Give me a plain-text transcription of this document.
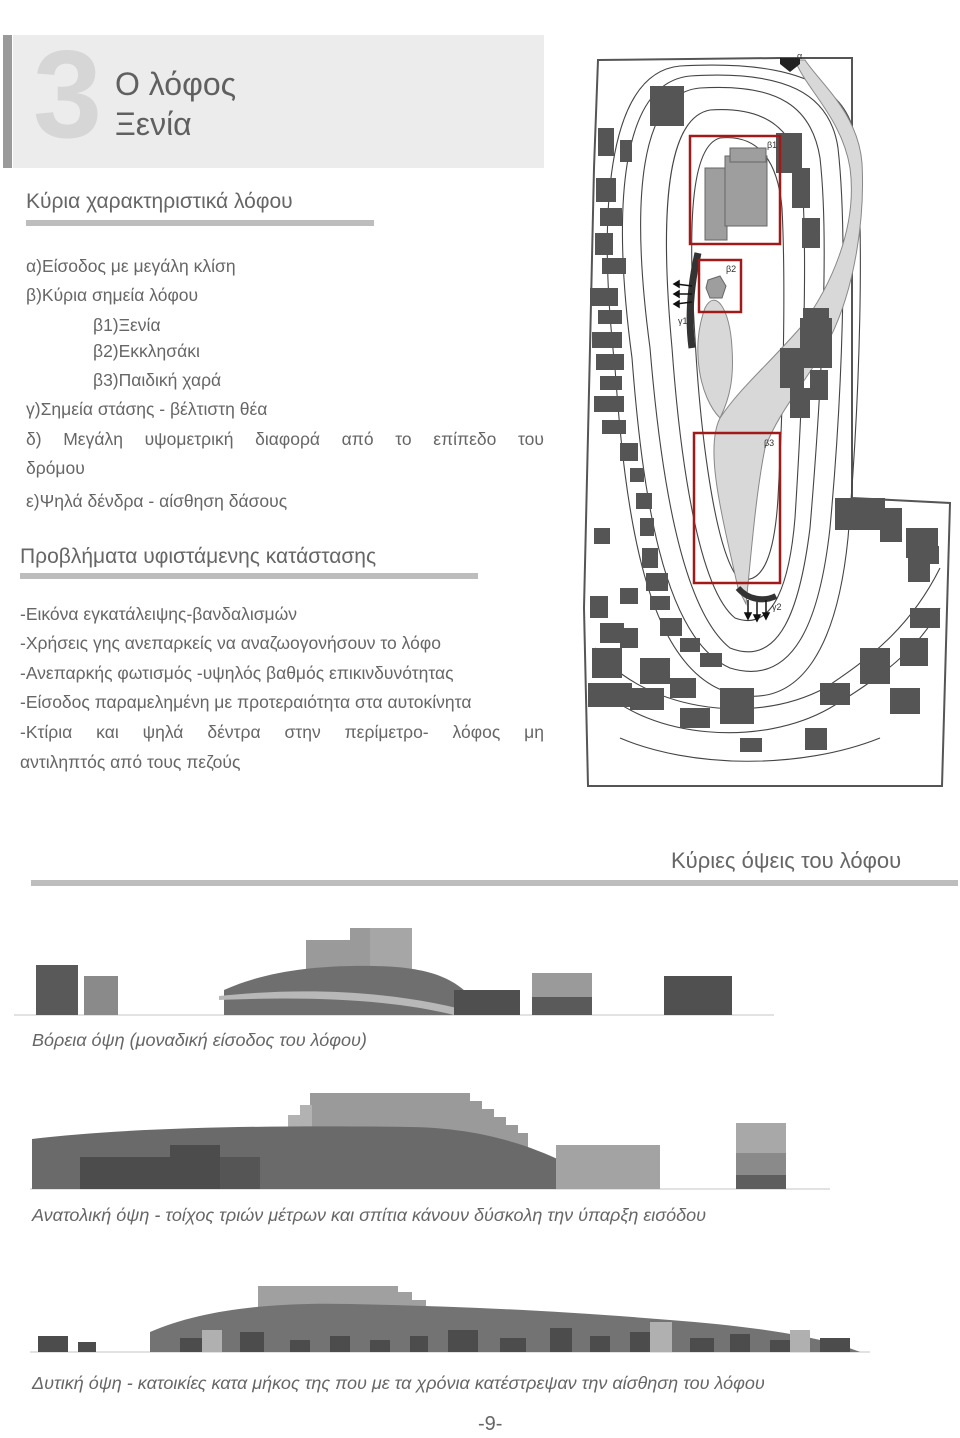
3 Ο λόφος
Ξενία
Κύρια χαρακτηριστικά λόφου
α)Είσοδος με μεγάλη κλίση
β)Κύρια σημεία λόφου
β1)Ξενία
β2)Εκκλησάκι
β3)Παιδική χαρά
γ)Σημεία στάσης - βέλτιστη θέα
δ) Μεγάλη υψομετρική διαφορά από το επίπεδο του
δρόμου
ε)Ψηλά δένδρα - αίσθηση δάσους
Προβλήματα υφιστάμενης κατάστασης
-Εικόνα εγκατάλειψης-βανδαλισμών
-Χρήσεις γης ανεπαρκείς να αναζωογονήσουν το λόφο
-Ανεπαρκής φωτισμός -υψηλός βαθμός επικινδυνότητας
-Είσοδος παραμελημένη με προτεραιότητα στα αυτοκίνητα
-Κτίρια και ψηλά δέντρα στην περίμετρο- λόφος μη
αντιληπτός από τους πεζούς
α
β1
β2
β3
γ1
γ2
Κύριες όψεις του λόφου
Βόρεια όψη (μοναδική είσοδος του λόφου)
Ανατολική όψη - τοίχος τριών μέτρων και σπίτια κάνουν δύσκολη την ύπαρξη εισόδου
Δυτική όψη - κατοικίες κατα μήκος της που με τα χρόνια κατέστρεψαν την αίσθηση του λόφου
-9-
